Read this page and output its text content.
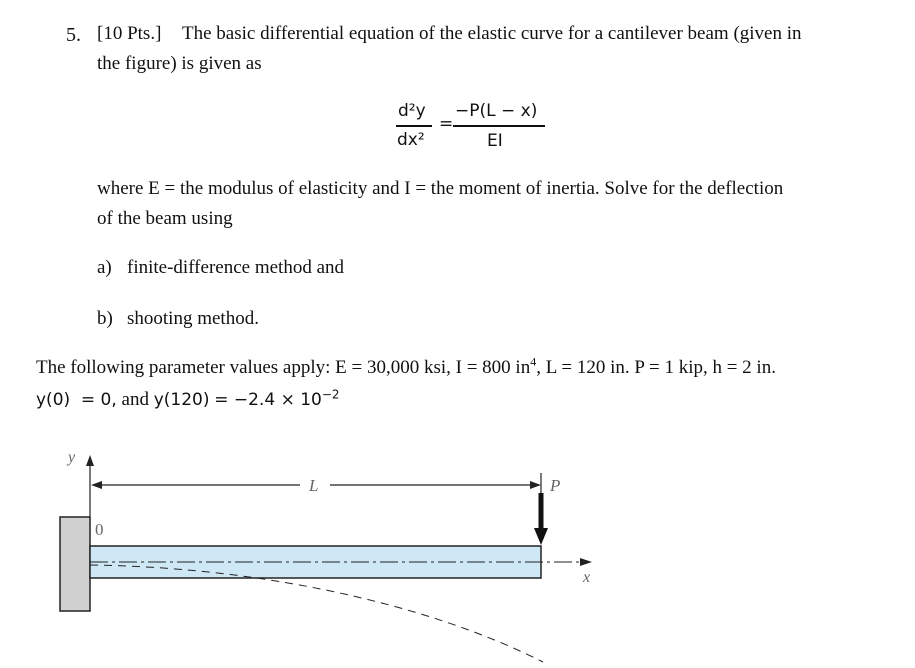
5. [10 Pts.] The basic differential equation of the elastic curve for a cantilever beam (given in
the figure) is given as
d²y
dx²
=
−P(L − x)
EI
where E = the modulus of elasticity and I = the moment of inertia. Solve for the deflection
of the beam using
a) finite-difference method and
b) shooting method.
The following parameter values apply: E = 30,000 ksi, I = 800 $in^4$, L = 120 in. P = 1 kip, h = 2 in.
y(0) = 0, and $y(120) = -2.4 \times 10^{-2}$
y
x
L	P
0
